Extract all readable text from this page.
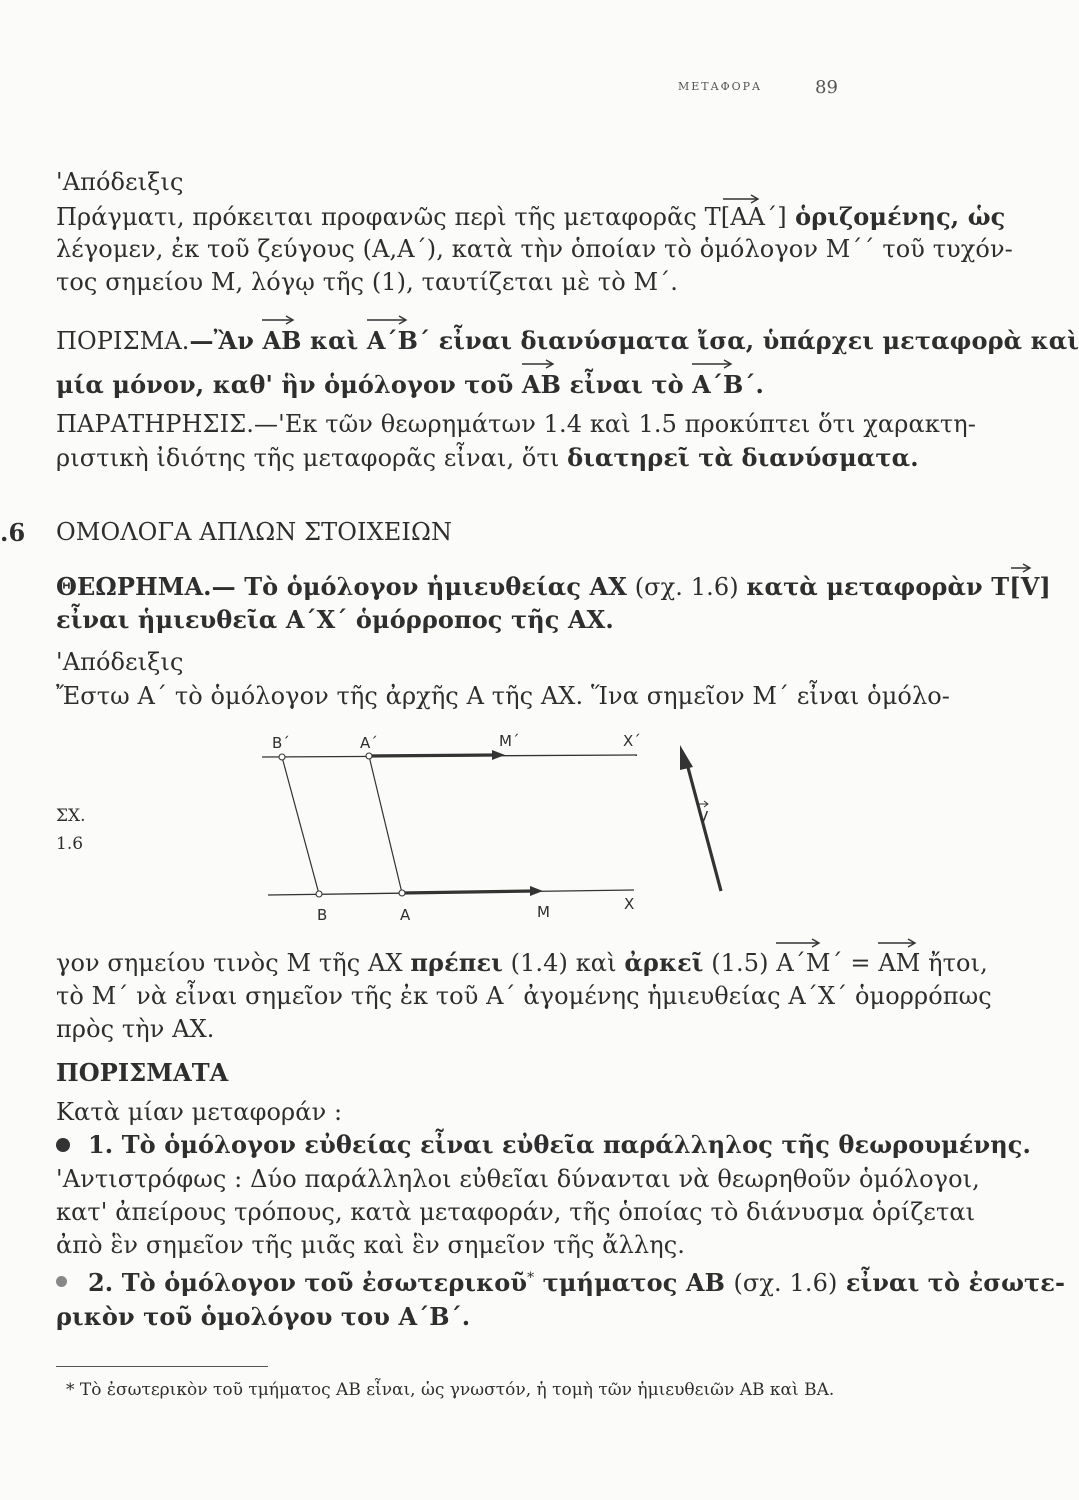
ΜΕΤΑΦΟΡΑ	89
'Απόδειξις
Πράγματι, πρόκειται προφανῶς περὶ τῆς μεταφορᾶς Τ[ΑΑ΄]
ὁριζομένης, ὡς
λέγομεν, ἐκ τοῦ ζεύγους (Α,Α΄), κατὰ τὴν ὁποίαν τὸ ὁμόλογον Μ΄΄ τοῦ τυχόν-
τος σημείου Μ, λόγῳ τῆς (1), ταυτίζεται μὲ τὸ Μ΄.
ΠΟΡΙΣΜΑ.—Ἂν ΑΒ
καὶ Α΄Β΄
εἶναι διανύσματα ἴσα, ὑπάρχει μεταφορὰ καὶ
μία μόνον, καθ' ἣν ὁμόλογον τοῦ ΑΒ
εἶναι τὸ Α΄Β΄
.
ΠΑΡΑΤΗΡΗΣΙΣ.—'Εκ τῶν θεωρημάτων 1.4 καὶ 1.5 προκύπτει ὅτι χαρακτη-
ριστικὴ ἰδιότης τῆς μεταφορᾶς εἶναι, ὅτι διατηρεῖ τὰ διανύσματα.
.6 ΟΜΟΛΟΓΑ ΑΠΛΩΝ ΣΤΟΙΧΕΙΩΝ
ΘΕΩΡΗΜΑ.— Τὸ ὁμόλογον ἡμιευθείας ΑΧ (σχ. 1.6) κατὰ μεταφορὰν Τ[V]
εἶναι ἡμιευθεῖα Α΄Χ΄ ὁμόρροπος τῆς ΑΧ.
'Απόδειξις
Ἔστω Α΄ τὸ ὁμόλογον τῆς ἀρχῆς Α τῆς ΑΧ. Ἵνα σημεῖον Μ΄ εἶναι ὁμόλο-
Β΄	Α΄	Μ΄	Χ΄
Β	Α	Μ	Χ
V
ΣΧ.
1.6
γον σημείου τινὸς Μ τῆς ΑΧ πρέπει (1.4) καὶ ἀρκεῖ (1.5) Α΄Μ΄
= ΑΜ
ἤτοι,
τὸ Μ΄ νὰ εἶναι σημεῖον τῆς ἐκ τοῦ Α΄ ἀγομένης ἡμιευθείας Α΄Χ΄ ὁμορρόπως
πρὸς τὴν ΑΧ.
ΠΟΡΙΣΜΑΤΑ
Κατὰ μίαν μεταφοράν :
1. Τὸ ὁμόλογον εὐθείας εἶναι εὐθεῖα παράλληλος τῆς θεωρουμένης.
'Αντιστρόφως : Δύο παράλληλοι εὐθεῖαι δύνανται νὰ θεωρηθοῦν ὁμόλογοι,
κατ' ἀπείρους τρόπους, κατὰ μεταφοράν, τῆς ὁποίας τὸ διάνυσμα ὁρίζεται
ἀπὸ ἓν σημεῖον τῆς μιᾶς καὶ ἓν σημεῖον τῆς ἄλλης.
2. Τὸ ὁμόλογον τοῦ ἐσωτερικοῦ* τμήματος ΑΒ (σχ. 1.6) εἶναι τὸ ἐσωτε-
ρικὸν τοῦ ὁμολόγου του Α΄Β΄.
* Τὸ ἐσωτερικὸν τοῦ τμήματος ΑΒ εἶναι, ὡς γνωστόν, ἡ τομὴ τῶν ἡμιευθειῶν ΑΒ καὶ ΒΑ.
